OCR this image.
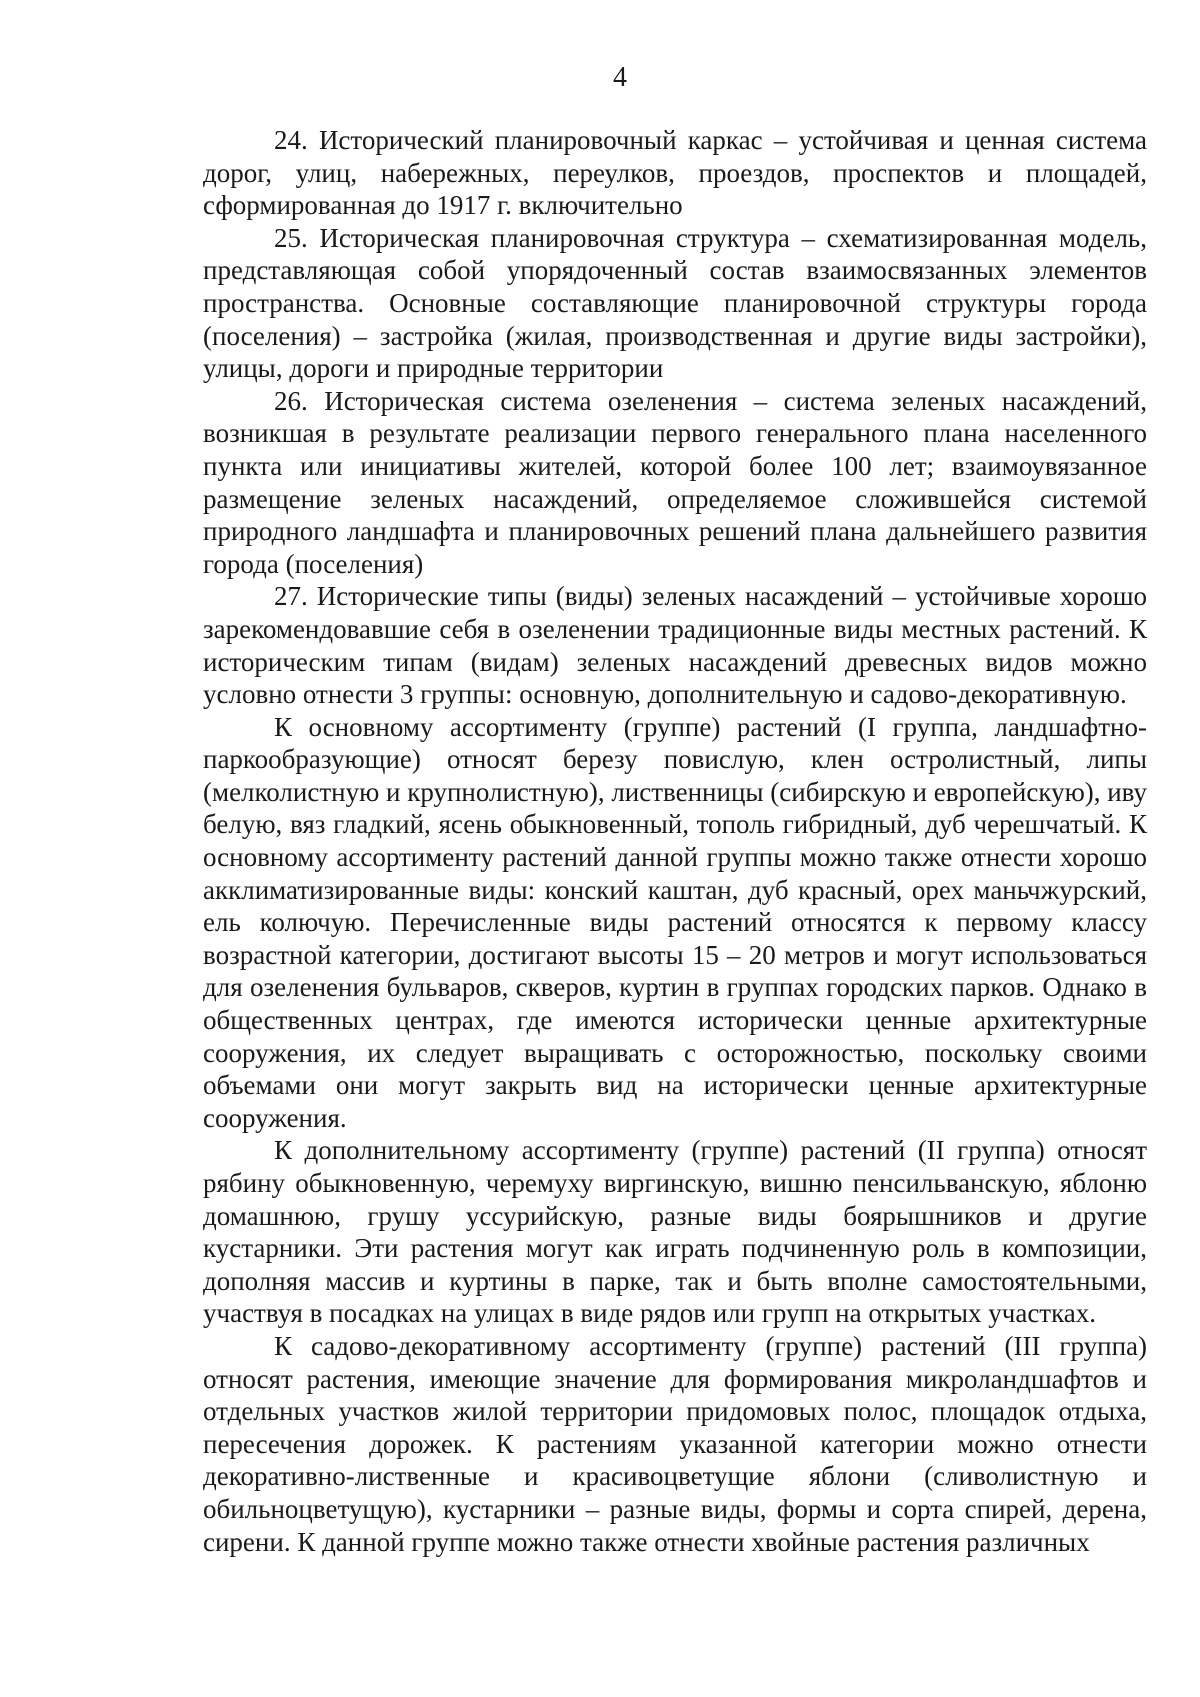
4

24. Исторический планировочный каркас – устойчивая и ценная система дорог, улиц, набережных, переулков, проездов, проспектов и площадей, сформированная до 1917 г. включительно

25. Историческая планировочная структура – схематизированная модель, представляющая собой упорядоченный состав взаимосвязанных элементов пространства. Основные составляющие планировочной структуры города (поселения) – застройка (жилая, производственная и другие виды застройки), улицы, дороги и природные территории

26. Историческая система озеленения – система зеленых насаждений, возникшая в результате реализации первого генерального плана населенного пункта или инициативы жителей, которой более 100 лет; взаимоувязанное размещение зеленых насаждений, определяемое сложившейся системой природного ландшафта и планировочных решений плана дальнейшего развития города (поселения)

27. Исторические типы (виды) зеленых насаждений – устойчивые хорошо зарекомендовавшие себя в озеленении традиционные виды местных растений. К историческим типам (видам) зеленых насаждений древесных видов можно условно отнести 3 группы: основную, дополнительную и садово-декоративную.

К основному ассортименту (группе) растений (I группа, ландшафтно-паркообразующие) относят березу повислую, клен остролистный, липы (мелколистную и крупнолистную), лиственницы (сибирскую и европейскую), иву белую, вяз гладкий, ясень обыкновенный, тополь гибридный, дуб черешчатый. К основному ассортименту растений данной группы можно также отнести хорошо акклиматизированные виды: конский каштан, дуб красный, орех маньчжурский, ель колючую. Перечисленные виды растений относятся к первому классу возрастной категории, достигают высоты 15 – 20 метров и могут использоваться для озеленения бульваров, скверов, куртин в группах городских парков. Однако в общественных центрах, где имеются исторически ценные архитектурные сооружения, их следует выращивать с осторожностью, поскольку своими объемами они могут закрыть вид на исторически ценные архитектурные сооружения.

К дополнительному ассортименту (группе) растений (II группа) относят рябину обыкновенную, черемуху виргинскую, вишню пенсильванскую, яблоню домашнюю, грушу уссурийскую, разные виды боярышников и другие кустарники. Эти растения могут как играть подчиненную роль в композиции, дополняя массив и куртины в парке, так и быть вполне самостоятельными, участвуя в посадках на улицах в виде рядов или групп на открытых участках.

К садово-декоративному ассортименту (группе) растений (III группа) относят растения, имеющие значение для формирования микроландшафтов и отдельных участков жилой территории придомовых полос, площадок отдыха, пересечения дорожек. К растениям указанной категории можно отнести декоративно-лиственные и красивоцветущие яблони (сливолистную и обильноцветущую), кустарники – разные виды, формы и сорта спирей, дерена, сирени. К данной группе можно также отнести хвойные растения различных
